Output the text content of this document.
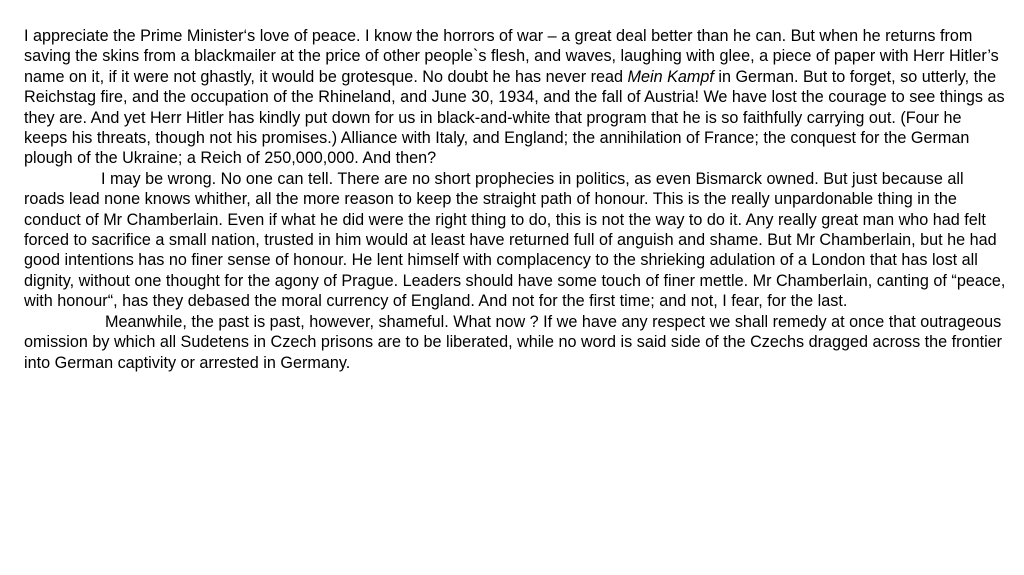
I appreciate the Prime Minister‘s love of peace. I know the horrors of war – a great deal better than he can. But when he returns from saving the skins from a blackmailer at the price of other people`s flesh, and waves, laughing with glee, a piece of paper with Herr Hitler’s name on it, if it were not ghastly, it would be grotesque. No doubt he has never read Mein Kampf in German. But to forget, so utterly, the Reichstag fire, and the occupation of the Rhineland, and June 30, 1934, and the fall of Austria! We have lost the courage to see things as they are. And yet Herr Hitler has kindly put down for us in black-and-white that program that he is so faithfully carrying out. (Four he keeps his threats, though not his promises.) Alliance with Italy, and England; the annihilation of France; the conquest for the German plough of the Ukraine; a Reich of 250,000,000. And then?

I may be wrong. No one can tell. There are no short prophecies in politics, as even Bismarck owned. But just because all roads lead none knows whither, all the more reason to keep the straight path of honour. This is the really unpardonable thing in the conduct of Mr Chamberlain. Even if what he did were the right thing to do, this is not the way to do it. Any really great man who had felt forced to sacrifice a small nation, trusted in him would at least have returned full of anguish and shame. But Mr Chamberlain, but he had good intentions has no finer sense of honour. He lent himself with complacency to the shrieking adulation of a London that has lost all dignity, without one thought for the agony of Prague. Leaders should have some touch of finer mettle. Mr Chamberlain, canting of “peace, with honour“, has they debased the moral currency of England. And not for the first time; and not, I fear, for the last.

Meanwhile, the past is past, however, shameful. What now ? If we have any respect we shall remedy at once that outrageous omission by which all Sudetens in Czech prisons are to be liberated, while no word is said side of the Czechs dragged across the frontier into German captivity or arrested in Germany.
